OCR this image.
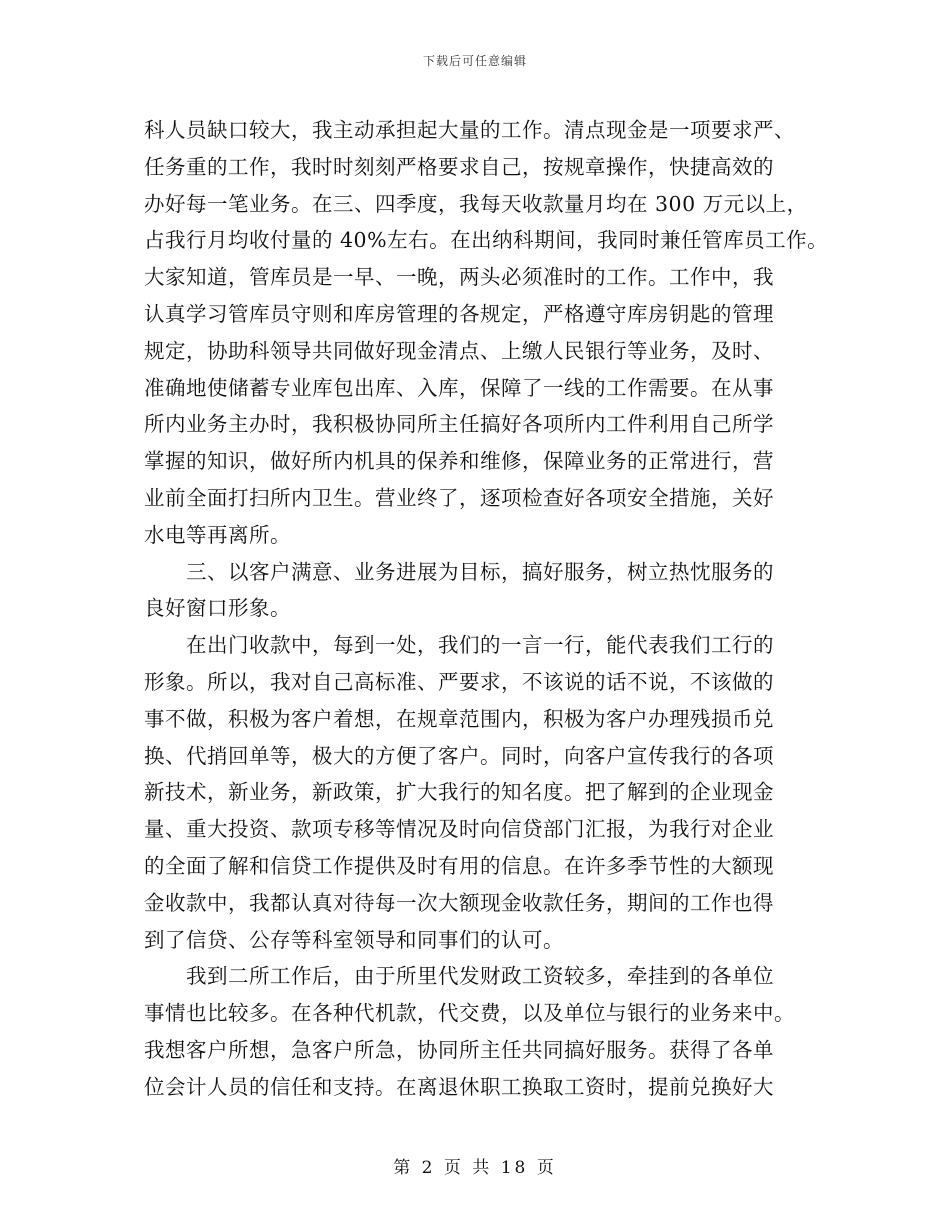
下载后可任意编辑
科人员缺口较大，我主动承担起大量的工作。清点现金是一项要求严、
任务重的工作，我时时刻刻严格要求自己，按规章操作，快捷高效的
办好每一笔业务。在三、四季度，我每天收款量月均在 300 万元以上，
占我行月均收付量的 40%左右。在出纳科期间，我同时兼任管库员工作。
大家知道，管库员是一早、一晚，两头必须准时的工作。工作中，我
认真学习管库员守则和库房管理的各规定，严格遵守库房钥匙的管理
规定，协助科领导共同做好现金清点、上缴人民银行等业务，及时、
准确地使储蓄专业库包出库、入库，保障了一线的工作需要。在从事
所内业务主办时，我积极协同所主任搞好各项所内工件利用自己所学
掌握的知识，做好所内机具的保养和维修，保障业务的正常进行，营
业前全面打扫所内卫生。营业终了，逐项检查好各项安全措施，关好
水电等再离所。
三、以客户满意、业务进展为目标，搞好服务，树立热忱服务的
良好窗口形象。
在出门收款中，每到一处，我们的一言一行，能代表我们工行的
形象。所以，我对自己高标准、严要求，不该说的话不说，不该做的
事不做，积极为客户着想，在规章范围内，积极为客户办理残损币兑
换、代捎回单等，极大的方便了客户。同时，向客户宣传我行的各项
新技术，新业务，新政策，扩大我行的知名度。把了解到的企业现金
量、重大投资、款项专移等情况及时向信贷部门汇报，为我行对企业
的全面了解和信贷工作提供及时有用的信息。在许多季节性的大额现
金收款中，我都认真对待每一次大额现金收款任务，期间的工作也得
到了信贷、公存等科室领导和同事们的认可。
我到二所工作后，由于所里代发财政工资较多，牵挂到的各单位
事情也比较多。在各种代机款，代交费，以及单位与银行的业务来中。
我想客户所想，急客户所急，协同所主任共同搞好服务。获得了各单
位会计人员的信任和支持。在离退休职工换取工资时，提前兑换好大
第 2 页 共 18 页
